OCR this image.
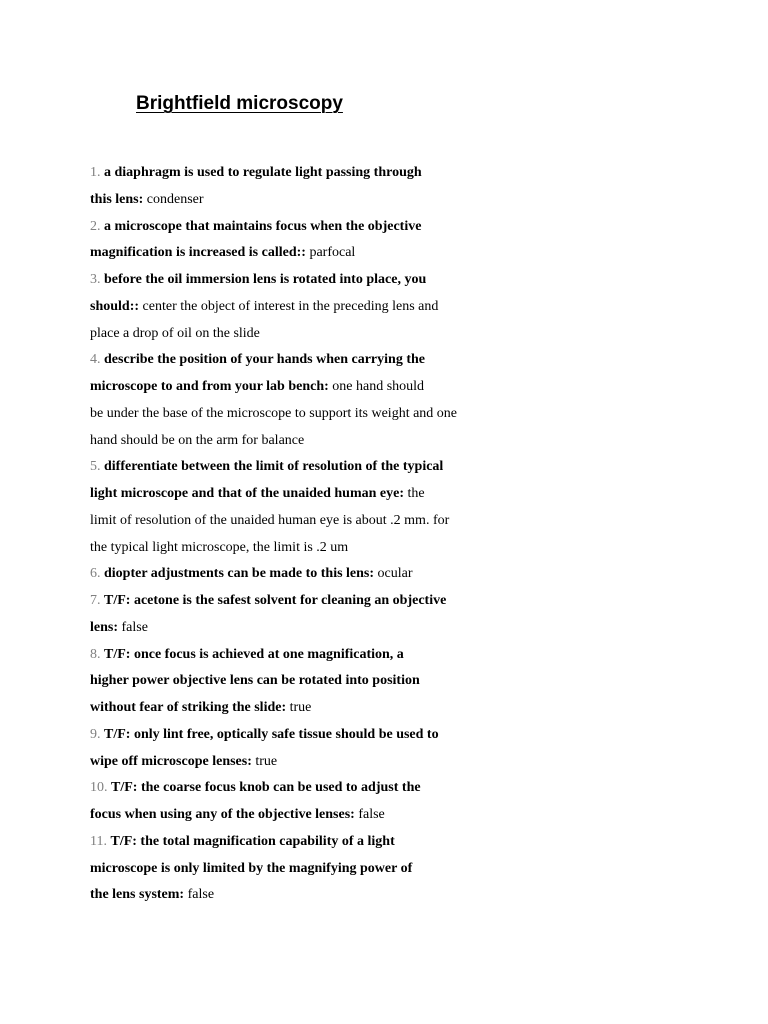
Brightfield microscopy
1. a diaphragm is used to regulate light passing through
this lens: condenser
2. a microscope that maintains focus when the objective
magnification is increased is called:: parfocal
3. before the oil immersion lens is rotated into place, you
should:: center the object of interest in the preceding lens and
place a drop of oil on the slide
4. describe the position of your hands when carrying the
microscope to and from your lab bench: one hand should
be under the base of the microscope to support its weight and one
hand should be on the arm for balance
5. differentiate between the limit of resolution of the typical
light microscope and that of the unaided human eye: the
limit of resolution of the unaided human eye is about .2 mm. for
the typical light microscope, the limit is .2 um
6. diopter adjustments can be made to this lens: ocular
7. T/F: acetone is the safest solvent for cleaning an objective
lens: false
8. T/F: once focus is achieved at one magnification, a
higher power objective lens can be rotated into position
without fear of striking the slide: true
9. T/F: only lint free, optically safe tissue should be used to
wipe off microscope lenses: true
10. T/F: the coarse focus knob can be used to adjust the
focus when using any of the objective lenses: false
11. T/F: the total magnification capability of a light
microscope is only limited by the magnifying power of
the lens system: false
